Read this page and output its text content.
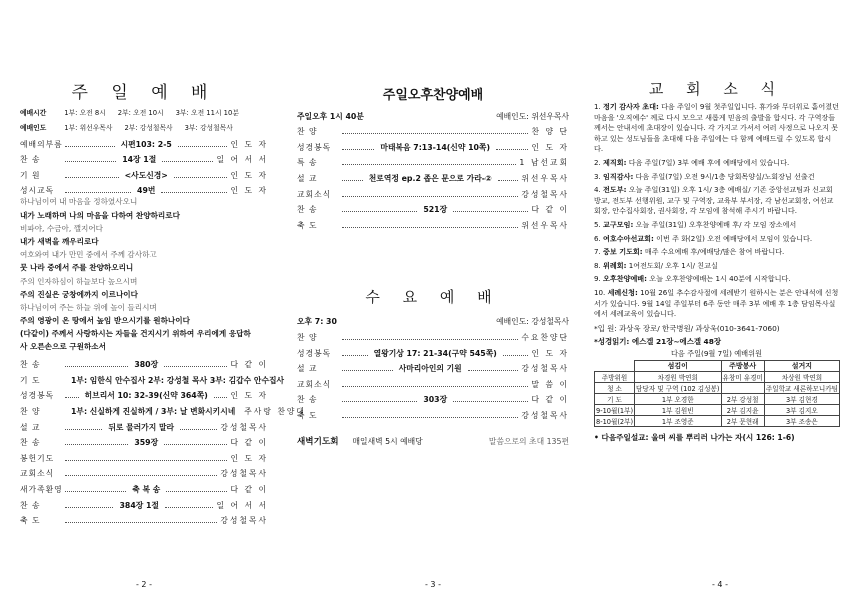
주 일 예 배
예배시간	1부: 오전 8시 2부: 오전 10시 3부: 오전 11시 10분
예배인도	1부: 위선우목사 2부: 강성철목사 3부: 강성철목사
예배의부름	시편103: 2-5	인 도 자
찬 송	14장 1절	일 어 서 서
기 원	<사도신경>	인 도 자
성시교독	49번	인 도 자
하나님이여 내 마음을 정하였사오니
내가 노래하며 나의 마음을 다하여 찬양하리로다
비파야, 수금아, 깰지어다
내가 새벽을 깨우리로다
여호와여 내가 만민 중에서 주께 감사하고
뭇 나라 중에서 주를 찬양하오리니
주의 인자하심이 하늘보다 높으시며
주의 진실은 궁창에까지 이르나이다
하나님이여 주는 하늘 위에 높이 들리시며
주의 영광이 온 땅에서 높임 받으시기를 원하나이다
(다같이) 주께서 사랑하시는 자들을 건지시기 위하여 우리에게 응답하
사 오른손으로 구원하소서
찬 송	380장	다 같 이
기 도	1부: 임한식 안수집사 2부: 강성철 목사 3부: 김갑수 안수집사
성경봉독	히브리서 10: 32-39(신약 364쪽)	인 도 자
찬 양	1부: 신실하게 진실하게 / 3부: 날 변화시키시네	주사랑 찬양대
설 교	뒤로 물러가지 말라	강성철목사
찬 송	359장	다 같 이
봉헌기도	인 도 자
교회소식	강성철목사
새가족환영	축 복 송	다 같 이
찬 송	384장 1절	일 어 서 서
축 도	강성철목사
- 2 -
주일오후찬양예배
주일오후 1시 40분	예배인도: 위선우목사
찬 양	찬 양 단
성경봉독	마태복음 7:13-14(신약 10쪽)	인 도 자
특 송	1 남선교회
설 교	천로역정 ep.2 좁은 문으로 가라-②	위선우목사
교회소식	강성철목사
찬 송	521장	다 같 이
축 도	위선우목사
수 요 예 배
오후 7: 30	예배인도: 강성철목사
찬 양	수요찬양단
성경봉독	열왕기상 17: 21-34(구약 545쪽)	인 도 자
설 교	사마리아인의 기원	강성철목사
교회소식	말 씀 이
찬 송	303장	다 같 이
축 도	강성철목사
새벽기도회 매일새벽 5시 예배당	말씀으로의 초대 135편
- 3 -
교 회 소 식
1. 정기 감사자 초대: 다음 주일이 9월 첫주일입니다. 휴가와 무더위로 흩어졌던 마음을 '오직예수' 께로 다시 모으고 새롭게 믿음의 출발을 합시다. 각 구역장들께서는 안내서에 초대장이 있습니다. 각 가지고 가셔서 여러 사정으로 나오지 못하고 있는 성도님들을 초대해 다음 주일에는 다 함께 예배드릴 수 있도록 합시다.
2. 제직회: 다음 주일(7일) 3부 예배 후에 예배당에서 있습니다.
3. 임직감사: 다음 주일(7일) 오전 9시/1층 당회목양실/노회장님 선출건
4. 전도부: 오늘 주일(31일) 오후 1시/ 3층 예배실/ 기존 중앙선교팀과 신교회방교, 전도부 선행위원, 교구 및 구역장, 교육부 부서장, 각 남선교회장, 여선교회장, 안수집사회장, 권사회장, 각 모임에 참석해 주시기 바랍니다.
5. 교구모임: 오늘 주일(31일) 오후찬양예배 후/ 각 모임 장소에서
6. 여호수아선교회: 이번 주 화(2일) 오전 예배당에서 모임이 있습니다.
7. 중보 기도회: 매주 수요예배 후/예배당/많은 참여 바랍니다.
8. 위례회: 1여전도회/ 오후 1시/ 친교실
9. 오후찬양예배: 오늘 오후찬양예배는 1시 40분에 시작합니다.
10. 세례신청: 10월 26일 추수감사절에 세례받기 원하시는 분은 안내석에 신청서가 있습니다. 9월 14일 주일부터 6주 동안 매주 3부 예배 후 1층 담임목사실에서 세례교육이 있습니다.
*입 원: 과상욱 장로/ 한국병원/ 과상욱(010-3641-7060)
*성경읽기: 에스겔 21장~에스겔 48장
다음 주일(9월 7일) 예배위원
	섬김이	주방봉사	설거지
주방위원	차경원 박연희	유창미 유경미	차상원 박연희
청 소	담당자 및 구역 (102 김성봉)		주일학교 새론하모니카팀
기 도	1부 오경한	2부 강성철	3부 김현경
9-10월(1부)	1부 김원빈	2부 김지윤	3부 김지오
8-10월(2부)	1부 조영준	2부 문현래	3부 조송은
• 다음주일설교: 울며 씨를 뿌리러 나가는 자(시 126: 1-6)
- 4 -
